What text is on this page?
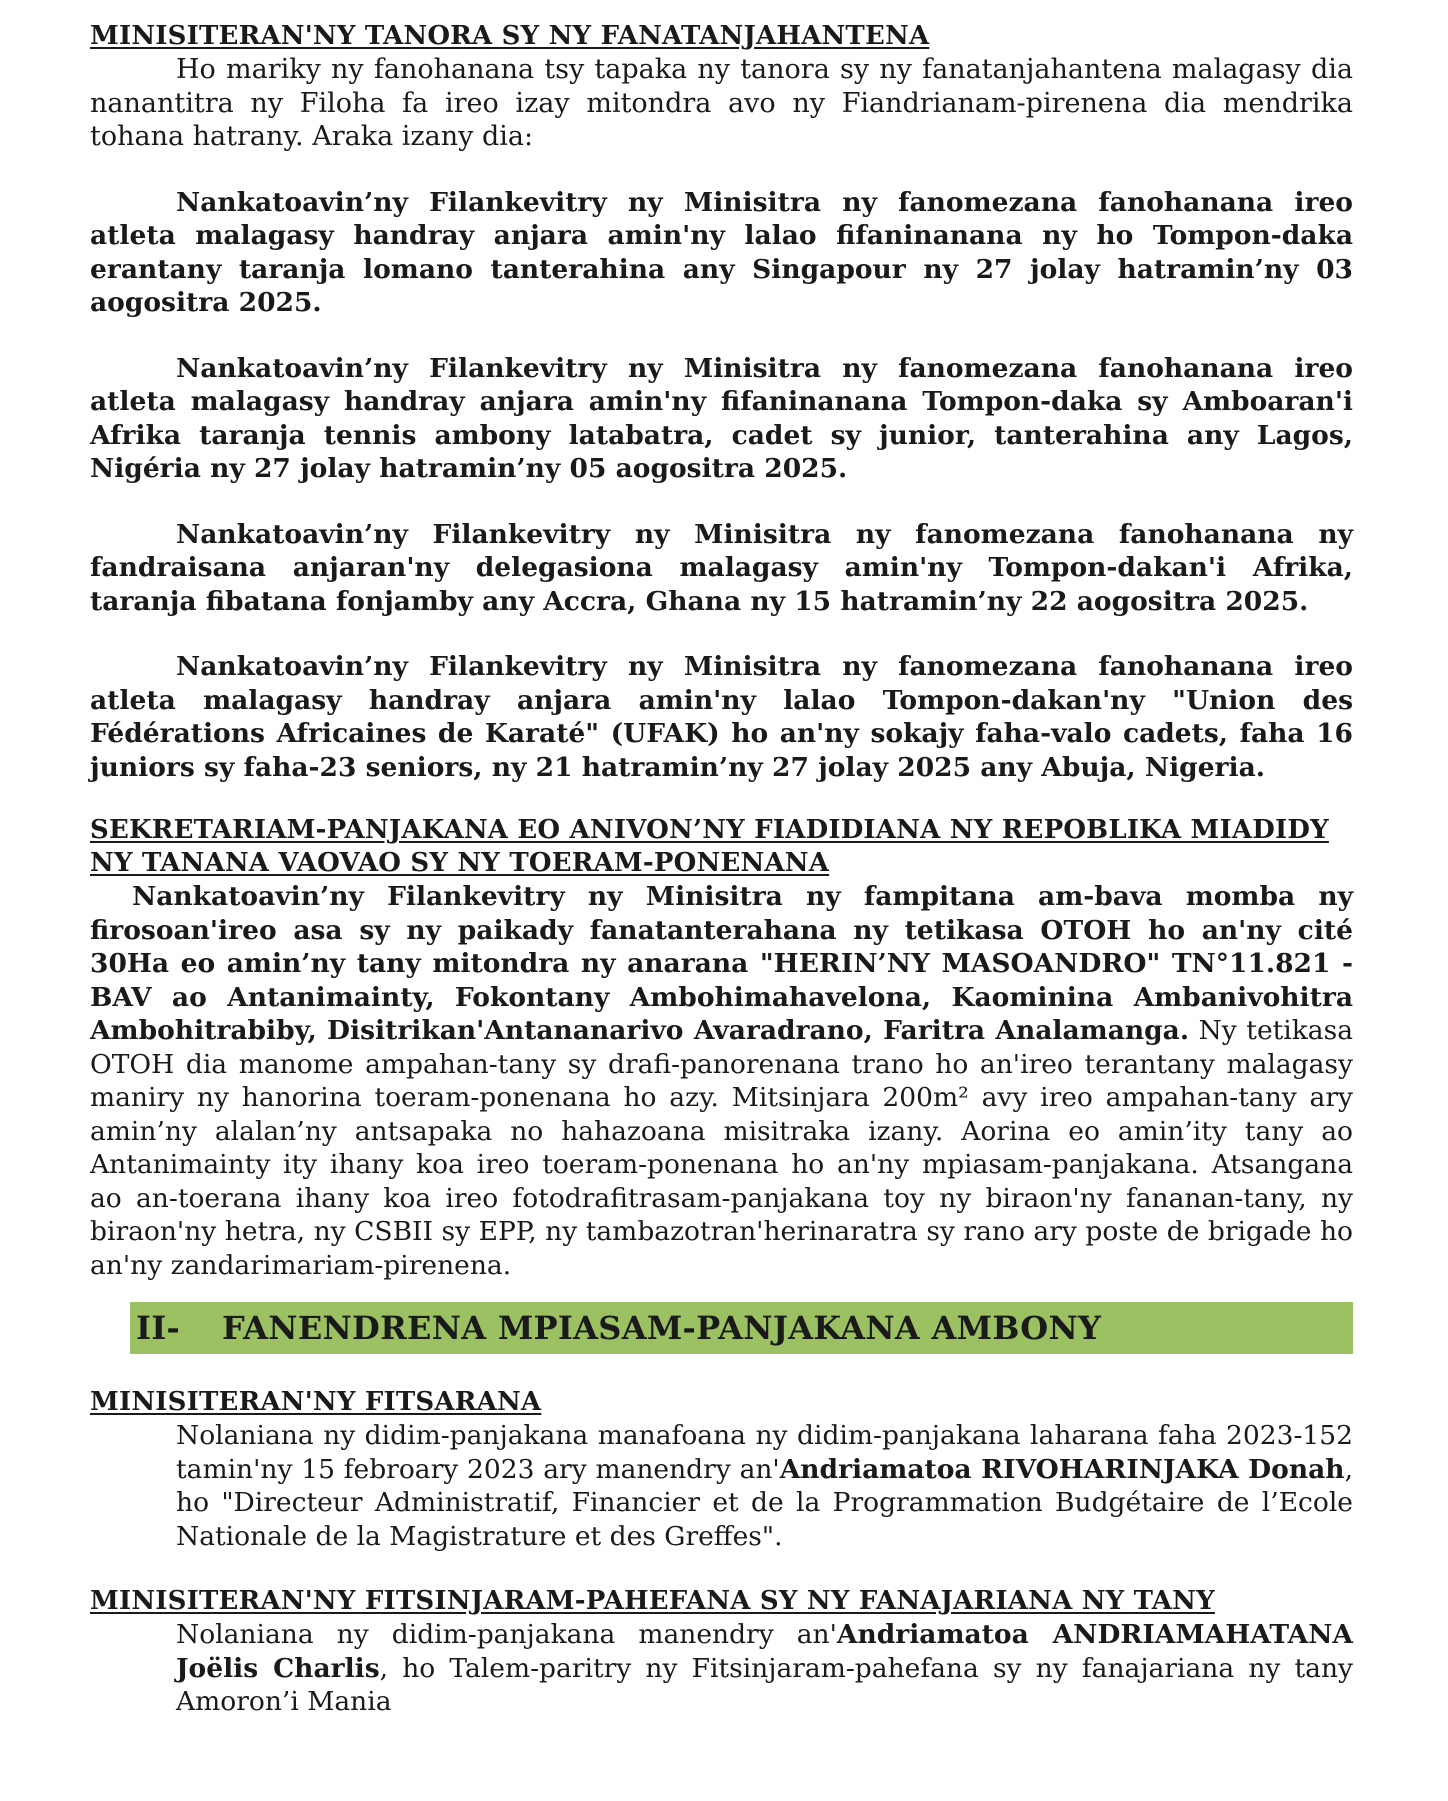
MINISITERAN'NY TANORA SY NY FANATANJAHANTENA

Ho mariky ny fanohanana tsy tapaka ny tanora sy ny fanatanjahantena malagasy dia nanantitra ny Filoha fa ireo izay mitondra avo ny Fiandrianam-pirenena dia mendrika tohana hatrany. Araka izany dia:

Nankatoavin’ny Filankevitry ny Minisitra ny fanomezana fanohanana ireo atleta malagasy handray anjara amin'ny lalao fifaninanana ny ho Tompon-daka erantany taranja lomano tanterahina any Singapour ny 27 jolay hatramin’ny 03 aogositra 2025.

Nankatoavin’ny Filankevitry ny Minisitra ny fanomezana fanohanana ireo atleta malagasy handray anjara amin'ny fifaninanana Tompon-daka sy Amboaran'i Afrika taranja tennis ambony latabatra, cadet sy junior, tanterahina any Lagos, Nigéria ny 27 jolay hatramin’ny 05 aogositra 2025.

Nankatoavin’ny Filankevitry ny Minisitra ny fanomezana fanohanana ny fandraisana anjaran'ny delegasiona malagasy amin'ny Tompon-dakan'i Afrika, taranja fibatana fonjamby any Accra, Ghana ny 15 hatramin’ny 22 aogositra 2025.

Nankatoavin’ny Filankevitry ny Minisitra ny fanomezana fanohanana ireo atleta malagasy handray anjara amin'ny lalao Tompon-dakan'ny "Union des Fédérations Africaines de Karaté" (UFAK) ho an'ny sokajy faha-valo cadets, faha 16 juniors sy faha-23 seniors, ny 21 hatramin’ny 27 jolay 2025 any Abuja, Nigeria.

SEKRETARIAM-PANJAKANA EO ANIVON’NY FIADIDIANA NY REPOBLIKA MIADIDY
NY TANANA VAOVAO SY NY TOERAM-PONENANA

Nankatoavin’ny Filankevitry ny Minisitra ny fampitana am-bava momba ny firosoan'ireo asa sy ny paikady fanatanterahana ny tetikasa OTOH ho an'ny cité 30Ha eo amin’ny tany mitondra ny anarana "HERIN’NY MASOANDRO" TN°11.821 - BAV ao Antanimainty, Fokontany Ambohimahavelona, Kaominina Ambanivohitra Ambohitrabiby, Disitrikan'Antananarivo Avaradrano, Faritra Analamanga. Ny tetikasa OTOH dia manome ampahan-tany sy drafi-panorenana trano ho an'ireo terantany malagasy maniry ny hanorina toeram-ponenana ho azy. Mitsinjara 200m² avy ireo ampahan-tany ary amin’ny alalan’ny antsapaka no hahazoana misitraka izany. Aorina eo amin’ity tany ao Antanimainty ity ihany koa ireo toeram-ponenana ho an'ny mpiasam-panjakana. Atsangana ao an-toerana ihany koa ireo fotodrafitrasam-panjakana toy ny biraon'ny fananan-tany, ny biraon'ny hetra, ny CSBII sy EPP, ny tambazotran'herinaratra sy rano ary poste de brigade ho an'ny zandarimariam-pirenena.

II-	FANENDRENA MPIASAM-PANJAKANA AMBONY
MINISITERAN'NY FITSARANA

Nolaniana ny didim-panjakana manafoana ny didim-panjakana laharana faha 2023-152 tamin'ny 15 febroary 2023 ary manendry an'Andriamatoa RIVOHARINJAKA Donah, ho "Directeur Administratif, Financier et de la Programmation Budgétaire de l’Ecole Nationale de la Magistrature et des Greffes".

MINISITERAN'NY FITSINJARAM-PAHEFANA SY NY FANAJARIANA NY TANY

Nolaniana ny didim-panjakana manendry an'Andriamatoa ANDRIAMAHATANA Joëlis Charlis, ho Talem-paritry ny Fitsinjaram-pahefana sy ny fanajariana ny tany Amoron’i Mania
